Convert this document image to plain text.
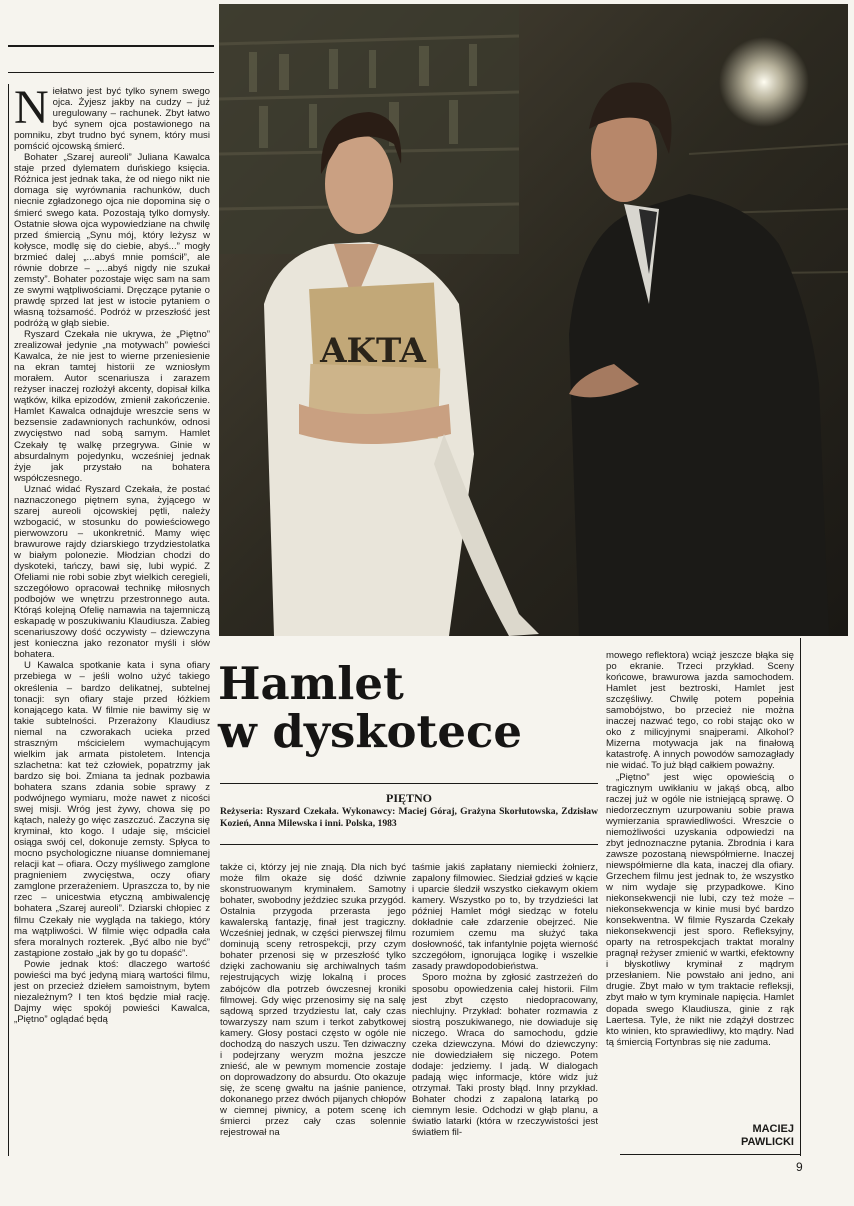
Niełatwo jest być tylko synem swego ojca. Żyjesz jakby na cudzy – już uregulowany – rachunek. Zbyt łatwo być synem ojca postawionego na pomniku, zbyt trudno być synem, który musi pomścić ojcowską śmierć.

Bohater „Szarej aureoli” Juliana Kawalca staje przed dylematem duńskiego księcia. Różnica jest jednak taka, że od niego nikt nie domaga się wyrównania rachunków, duch niecnie zgładzonego ojca nie dopomina się o śmierć swego kata. Pozostają tylko domysły. Ostatnie słowa ojca wypowiedziane na chwilę przed śmiercią „Synu mój, który leżysz w kołysce, modlę się do ciebie, abyś...” mogły brzmieć dalej „...abyś mnie pomścił”, ale równie dobrze – „...abyś nigdy nie szukał zemsty”. Bohater pozostaje więc sam na sam ze swymi wątpliwościami. Dręczące pytanie o prawdę sprzed lat jest w istocie pytaniem o własną tożsamość. Podróż w przeszłość jest podróżą w głąb siebie.

Ryszard Czekała nie ukrywa, że „Piętno” zrealizował jedynie „na motywach” powieści Kawalca, że nie jest to wierne przeniesienie na ekran tamtej historii ze wzniosłym morałem. Autor scenariusza i zarazem reżyser inaczej rozłożył akcenty, dopisał kilka wątków, kilka epizodów, zmienił zakończenie. Hamlet Kawalca odnajduje wreszcie sens w bezsensie zadawnionych rachunków, odnosi zwycięstwo nad sobą samym. Hamlet Czekały tę walkę przegrywa. Ginie w absurdalnym pojedynku, wcześniej jednak żyje jak przystało na bohatera współczesnego.

Uznać widać Ryszard Czekała, że postać naznaczonego piętnem syna, żyjącego w szarej aureoli ojcowskiej pętli, należy wzbogacić, w stosunku do powieściowego pierwowzoru – ukonkretnić. Mamy więc brawurowe rajdy dziarskiego trzydziestolatka w białym polonezie. Młodzian chodzi do dyskoteki, tańczy, bawi się, lubi wypić. Z Ofeliami nie robi sobie zbyt wielkich ceregieli, szczegółowo opracował technikę miłosnych podbojów we wnętrzu przestronnego auta. Którąś kolejną Ofelię namawia na tajemniczą eskapadę w poszukiwaniu Klaudiusza. Zabieg scenariuszowy dość oczywisty – dziewczyna jest konieczna jako rezonator myśli i słów bohatera.

U Kawalca spotkanie kata i syna ofiary przebiega w – jeśli wolno użyć takiego określenia – bardzo delikatnej, subtelnej tonacji: syn ofiary staje przed łóżkiem konającego kata. W filmie nie bawimy się w takie subtelności. Przerażony Klaudiusz niemal na czworakach ucieka przed straszným mścicielem wymachującym wielkim jak armata pistoletem. Intencja szlachetna: kat też człowiek, popatrzmy jak bardzo się boi. Zmiana ta jednak pozbawia bohatera szans zdania sobie sprawy z podwójnego wymiaru, może nawet z nicości swej misji. Wróg jest żywy, chowa się po kątach, należy go więc zaszczuć. Zaczyna się kryminał, kto kogo. I udaje się, mściciel osiąga swój cel, dokonuje zemsty. Spłyca to mocno psychologiczne niuanse domniemanej relacji kat – ofiara. Oczy myśliwego zamglone pragnieniem zwycięstwa, oczy ofiary zamglone przerażeniem. Upraszcza to, by nie rzec – unicestwia etyczną ambiwalencję bohatera „Szarej aureoli”. Dziarski chłopiec z filmu Czekały nie wygląda na takiego, który ma wątpliwości. W filmie więc odpadła cała sfera moralnych rozterek. „Być albo nie być” zastąpione zostało „jak by go tu dopaść”.

Powie jednak ktoś: dlaczego wartość powieści ma być jedyną miarą wartości filmu, jest on przecież dziełem samoistnym, bytem niezależnym? I ten ktoś będzie miał rację. Dajmy więc spokój powieści Kawalca, „Piętno” oglądać będą

AKTA
Hamlet
w dyskotece
PIĘTNO
Reżyseria: Ryszard Czekała. Wykonawcy: Maciej Góraj, Grażyna Skorłutowska, Zdzisław Kozień, Anna Milewska i inni. Polska, 1983

także ci, którzy jej nie znają. Dla nich być może film okaże się dość dziwnie skonstruowanym kryminałem. Samotny bohater, swobodny jeździec szuka przygód. Ostalnia przygoda przerasta jego kawalerską fantazję, finał jest tragiczny. Wcześniej jednak, w części pierwszej filmu dominują sceny retrospekcji, przy czym bohater przenosi się w przeszłość tylko dzięki zachowaniu się archiwalnych taśm rejestrujących wizję lokalną i proces zabójców dla potrzeb ówczesnej kroniki filmowej. Gdy więc przenosimy się na salę sądową sprzed trzydziestu lat, cały czas towarzyszy nam szum i terkot zabytkowej kamery. Głosy postaci często w ogóle nie dochodzą do naszych uszu. Ten dziwaczny i podejrzany weryzm można jeszcze znieść, ale w pewnym momencie zostaje on doprowadzony do absurdu. Oto okazuje się, że scenę gwałtu na jaśnie panience, dokonanego przez dwóch pijanych chłopów w ciemnej piwnicy, a potem scenę ich śmierci przez cały czas solennie rejestrował na

taśmie jakiś zapłatany niemiecki żołnierz, zapalony filmowiec. Siedział gdzieś w kącie i uparcie śledził wszystko ciekawym okiem kamery. Wszystko po to, by trzydzieści lat później Hamlet mógł siedząc w fotelu dokładnie całe zdarzenie obejrzeć. Nie rozumiem czemu ma służyć taka dosłowność, tak infantylnie pojęta wierność szczegółom, ignorująca logikę i wszelkie zasady prawdopodobieństwa.

Sporo można by zgłosić zastrzeżeń do sposobu opowiedzenia całej historii. Film jest zbyt często niedopracowany, niechlujny. Przykład: bohater rozmawia z siostrą poszukiwanego, nie dowiaduje się niczego. Wraca do samochodu, gdzie czeka dziewczyna. Mówi do dziewczyny: nie dowiedziałem się niczego. Potem dodaje: jedziemy. I jadą. W dialogach padają więc informacje, które widz już otrzymał. Taki prosty błąd. Inny przykład. Bohater chodzi z zapaloną latarką po ciemnym lesie. Odchodzi w głąb planu, a światło latarki (która w rzeczywistości jest światłem fil-

mowego reflektora) wciąż jeszcze błąka się po ekranie. Trzeci przykład. Sceny końcowe, brawurowa jazda samochodem. Hamlet jest beztroski, Hamlet jest szczęśliwy. Chwilę potem popełnia samobójstwo, bo przecież nie można inaczej nazwać tego, co robi stając oko w oko z milicyjnymi snajperami. Alkohol? Mizerna motywacja jak na finałową katastrofę. A innych powodów samozagłady nie widać. To już błąd całkiem poważny.

„Piętno” jest więc opowieścią o tragicznym uwikłaniu w jakąś obcą, albo raczej już w ogóle nie istniejącą sprawę. O niedorzecznym uzurpowaniu sobie prawa wymierzania sprawiedliwości. Wreszcie o niemożliwości uzyskania odpowiedzi na zbyt jednoznaczne pytania. Zbrodnia i kara zawsze pozostaną niewspółmierne. Inaczej niewspółmierne dla kata, inaczej dla ofiary. Grzechem filmu jest jednak to, że wszystko w nim wydaje się przypadkowe. Kino niekonsekwencji nie lubi, czy też może – niekonsekwencja w kinie musi być bardzo konsekwentna. W filmie Ryszarda Czekały niekonsekwencji jest sporo. Refleksyjny, oparty na retrospekcjach traktat moralny pragnął reżyser zmienić w wartki, efektowny i błyskotliwy kryminał z mądrym przesłaniem. Nie powstało ani jedno, ani drugie. Zbyt mało w tym traktacie refleksji, zbyt mało w tym kryminale napięcia. Hamlet dopada swego Klaudiusza, ginie z rąk Laertesa. Tyle, że nikt nie zdążył dostrzec kto winien, kto sprawiedliwy, kto mądry. Nad tą śmiercią Fortynbras się nie zaduma.

MACIEJ
PAWLICKI
9
